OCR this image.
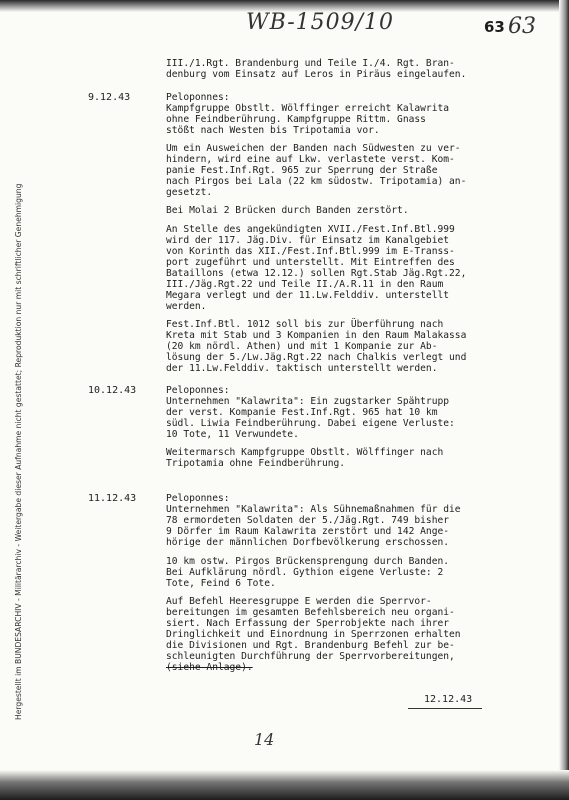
Hergestellt im BUNDESARCHIV - Militärarchiv - Weitergabe dieser Aufnahme nicht gestattet; Reproduktion nur mit schriftlicher Genehmigung
WB-1509/10	63 63
III./1.Rgt. Brandenburg und Teile I./4. Rgt. Bran-
denburg vom Einsatz auf Leros in Piräus eingelaufen.
9.12.43	Peloponnes:
Kampfgruppe Obstlt. Wölffinger erreicht Kalawrita
ohne Feindberührung. Kampfgruppe Rittm. Gnass
stößt nach Westen bis Tripotamia vor.
Um ein Ausweichen der Banden nach Südwesten zu ver-
hindern, wird eine auf Lkw. verlastete verst. Kom-
panie Fest.Inf.Rgt. 965 zur Sperrung der Straße
nach Pirgos bei Lala (22 km südostw. Tripotamia) an-
gesetzt.
Bei Molai 2 Brücken durch Banden zerstört.
An Stelle des angekündigten XVII./Fest.Inf.Btl.999
wird der 117. Jäg.Div. für Einsatz im Kanalgebiet
von Korinth das XII./Fest.Inf.Btl.999 im E-Transs-
port zugeführt und unterstellt. Mit Eintreffen des
Bataillons (etwa 12.12.) sollen Rgt.Stab Jäg.Rgt.22,
III./Jäg.Rgt.22 und Teile II./A.R.11 in den Raum
Megara verlegt und der 11.Lw.Felddiv. unterstellt
werden.
Fest.Inf.Btl. 1012 soll bis zur Überführung nach
Kreta mit Stab und 3 Kompanien in den Raum Malakassa
(20 km nördl. Athen) und mit 1 Kompanie zur Ab-
lösung der 5./Lw.Jäg.Rgt.22 nach Chalkis verlegt und
der 11.Lw.Felddiv. taktisch unterstellt werden.
10.12.43	Peloponnes:
Unternehmen "Kalawrita": Ein zugstarker Spähtrupp
der verst. Kompanie Fest.Inf.Rgt. 965 hat 10 km
südl. Liwia Feindberührung. Dabei eigene Verluste:
10 Tote, 11 Verwundete.
Weitermarsch Kampfgruppe Obstlt. Wölffinger nach
Tripotamia ohne Feindberührung.
11.12.43	Peloponnes:
Unternehmen "Kalawrita": Als Sühnemaßnahmen für die
78 ermordeten Soldaten der 5./Jäg.Rgt. 749 bisher
9 Dörfer im Raum Kalawrita zerstört und 142 Ange-
hörige der männlichen Dorfbevölkerung erschossen.
10 km ostw. Pirgos Brückensprengung durch Banden.
Bei Aufklärung nördl. Gythion eigene Verluste: 2
Tote, Feind 6 Tote.
Auf Befehl Heeresgruppe E werden die Sperrvor-
bereitungen im gesamten Befehlsbereich neu organi-
siert. Nach Erfassung der Sperrobjekte nach ihrer
Dringlichkeit und Einordnung in Sperrzonen erhalten
die Divisionen und Rgt. Brandenburg Befehl zur be-
schleunigten Durchführung der Sperrvorbereitungen,
(siehe Anlage).
12.12.43
14
